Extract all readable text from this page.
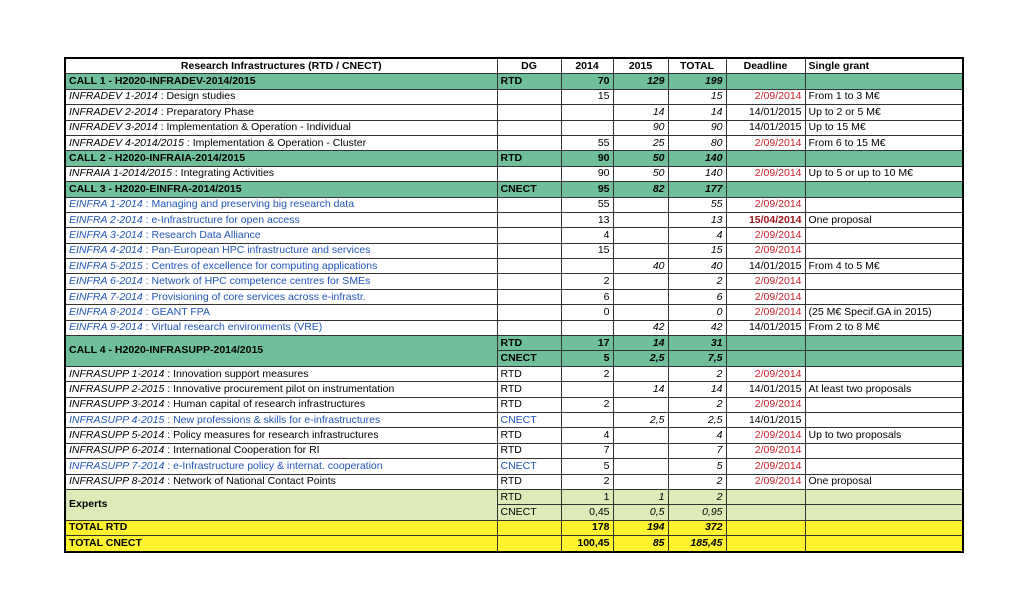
Research Infrastructures (RTD / CNECT)	DG	2014	2015	TOTAL	Deadline	Single grant
CALL 1 - H2020-INFRADEV-2014/2015	RTD	70	129	199		
INFRADEV 1-2014 : Design studies		15		15	2/09/2014	From 1 to 3 M€
INFRADEV 2-2014 : Preparatory Phase			14	14	14/01/2015	Up to 2 or 5 M€
INFRADEV 3-2014 : Implementation & Operation - Individual			90	90	14/01/2015	Up to 15 M€
INFRADEV 4-2014/2015 : Implementation & Operation - Cluster		55	25	80	2/09/2014	From 6 to 15 M€
CALL 2 - H2020-INFRAIA-2014/2015	RTD	90	50	140		
INFRAIA 1-2014/2015 : Integrating Activities		90	50	140	2/09/2014	Up to 5 or up to 10 M€
CALL 3 - H2020-EINFRA-2014/2015	CNECT	95	82	177		
EINFRA 1-2014 : Managing and preserving big research data		55		55	2/09/2014	
EINFRA 2-2014 : e-Infrastructure for open access		13		13	15/04/2014	One proposal
EINFRA 3-2014 : Research Data Alliance		4		4	2/09/2014	
EINFRA 4-2014 : Pan-European HPC infrastructure and services		15		15	2/09/2014	
EINFRA 5-2015 : Centres of excellence for computing applications			40	40	14/01/2015	From 4 to 5 M€
EINFRA 6-2014 : Network of HPC competence centres for SMEs		2		2	2/09/2014	
EINFRA 7-2014 : Provisioning of core services across e-infrastr.		6		6	2/09/2014	
EINFRA 8-2014 : GEANT FPA		0		0	2/09/2014	(25 M€ Specif.GA in 2015)
EINFRA 9-2014 : Virtual research environments (VRE)			42	42	14/01/2015	From 2 to 8 M€
CALL 4 - H2020-INFRASUPP-2014/2015	RTD	17	14	31		
	CNECT	5	2,5	7,5		
INFRASUPP 1-2014 : Innovation support measures	RTD	2		2	2/09/2014	
INFRASUPP 2-2015 : Innovative procurement pilot on instrumentation	RTD		14	14	14/01/2015	At least two proposals
INFRASUPP 3-2014 : Human capital of research infrastructures	RTD	2		2	2/09/2014	
INFRASUPP 4-2015 : New professions & skills for e-infrastructures	CNECT		2,5	2,5	14/01/2015	
INFRASUPP 5-2014 : Policy measures for research infrastructures	RTD	4		4	2/09/2014	Up to two proposals
INFRASUPP 6-2014 : International Cooperation for RI	RTD	7		7	2/09/2014	
INFRASUPP 7-2014 : e-Infrastructure policy & internat. cooperation	CNECT	5		5	2/09/2014	
INFRASUPP 8-2014 : Network of National Contact Points	RTD	2		2	2/09/2014	One proposal
Experts	RTD	1	1	2		
	CNECT	0,45	0,5	0,95		
TOTAL RTD		178	194	372		
TOTAL CNECT		100,45	85	185,45		
